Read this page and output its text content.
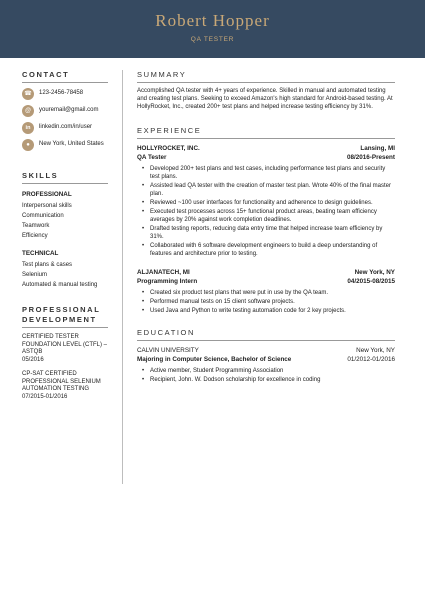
Robert Hopper
QA TESTER
CONTACT
☎	123-2456-78458
@	youremail@gmail.com
in	linkedin.com/in/user
●	New York, United States
SKILLS
PROFESSIONAL
Interpersonal skills
Communication
Teamwork
Efficiency
TECHNICAL
Test plans & cases
Selenium
Automated & manual testing
PROFESSIONAL DEVELOPMENT
CERTIFIED TESTER FOUNDATION LEVEL (CTFL) – ASTQB
05/2016
CP-SAT CERTIFIED PROFESSIONAL SELENIUM AUTOMATION TESTING
07/2015-01/2016
SUMMARY
Accomplished QA tester with 4+ years of experience. Skilled in manual and automated testing and creating test plans. Seeking to exceed Amazon's high standard for Android-based testing. At HollyRocket, Inc., created 200+ test plans and helped increase testing efficiency by 31%.
EXPERIENCE
HOLLYROCKET, INC.	Lansing, MI
QA Tester	08/2016-Present
• Developed 200+ test plans and test cases, including performance test plans and security test plans.
• Assisted lead QA tester with the creation of master test plan. Wrote 40% of the final master plan.
• Reviewed ~100 user interfaces for functionality and adherence to design guidelines.
• Executed test processes across 15+ functional product areas, beating team efficiency averages by 20% against work completion deadlines.
• Drafted testing reports, reducing data entry time that helped increase team efficiency by 31%.
• Collaborated with 6 software development engineers to build a deep understanding of features and architecture prior to testing.
ALJANATECH, MI	New York, NY
Programming Intern	04/2015-08/2015
• Created six product test plans that were put in use by the QA team.
• Performed manual tests on 15 client software projects.
• Used Java and Python to write testing automation code for 2 key projects.
EDUCATION
CALVIN UNIVERSITY	New York, NY
Majoring in Computer Science, Bachelor of Science	01/2012-01/2016
• Active member, Student Programming Association
• Recipient, John. W. Dodson scholarship for excellence in coding
